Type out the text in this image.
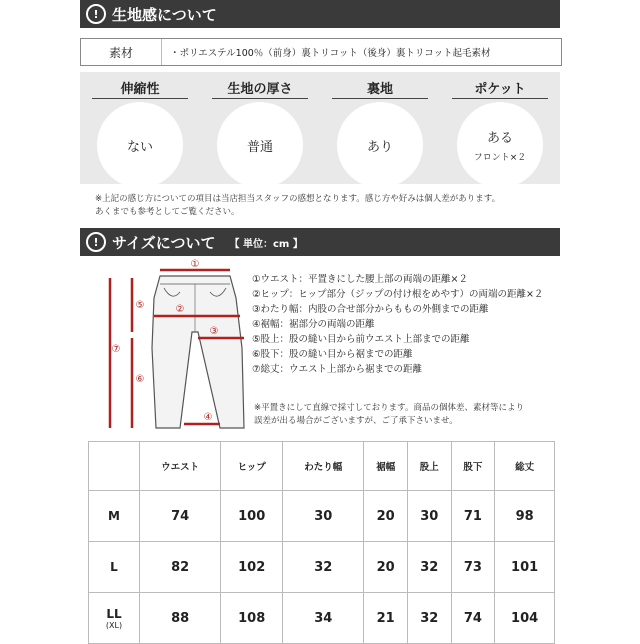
! 生地感について
素材	・ポリエステル100％（前身）裏トリコット（後身）裏トリコット起毛素材
伸縮性
ない
生地の厚さ
普通
裏地
あり
ポケット
ある
フロント×２
※上記の感じ方についての項目は当店担当スタッフの感想となります。感じ方や好みは個人差があります。
あくまでも参考としてご覧ください。
! サイズについて 【 単位：cm 】
①
②
③
④
⑤
⑥
⑦
①ウエスト：平置きにした腰上部の両端の距離×２
②ヒップ：ヒップ部分（ジップの付け根をめやす）の両端の距離×２
③わたり幅：内股の合せ部分からももの外側までの距離
④裾幅：裾部分の両端の距離
⑤股上：股の縫い目から前ウエスト上部までの距離
⑥股下：股の縫い目から裾までの距離
⑦総丈：ウエスト上部から裾までの距離
※平置きにして直線で採寸しております。商品の個体差、素材等により
誤差が出る場合がございますが、ご了承下さいませ。
	ウエスト	ヒップ	わたり幅	裾幅	股上	股下	総丈
M	74	100	30	20	30	71	98
L	82	102	32	20	32	73	101
LL
(XL)	88	108	34	21	32	74	104
